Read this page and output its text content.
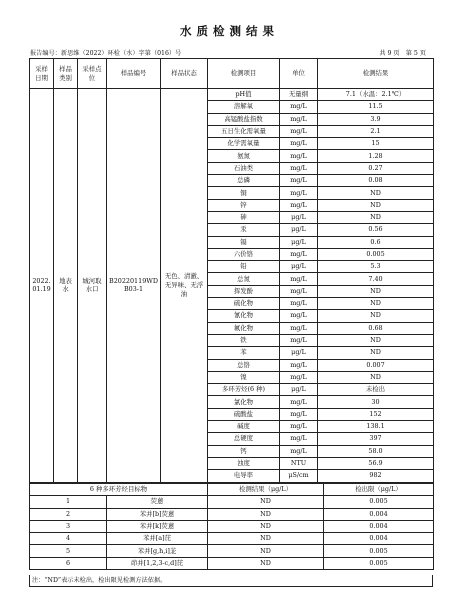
水质检测结果
报告编号：新思维（2022）环检（水）字第（016）号	共 9 页　第 5 页
采样日期	样品类别	采样点位	样品编号	样品状态	检测项目	单位	检测结果
2022.01.19	地表水	城河取水口	B20220119WDB03-1	无色、清澈、无异味、无浮油	pH值	无量纲	7.1（水温：2.1℃）
					溶解氧	mg/L	11.5
					高锰酸盐指数	mg/L	3.9
					五日生化需氧量	mg/L	2.1
					化学需氧量	mg/L	15
					氨氮	mg/L	1.28
					石油类	mg/L	0.27
					总磷	mg/L	0.08
					铜	mg/L	ND
					锌	mg/L	ND
					砷	μg/L	ND
					汞	μg/L	0.56
					镉	μg/L	0.6
					六价铬	mg/L	0.005
					铅	μg/L	5.3
					总氮	mg/L	7.40
					挥发酚	mg/L	ND
					硫化物	mg/L	ND
					氰化物	mg/L	ND
					氟化物	mg/L	0.68
					铁	mg/L	ND
					苯	μg/L	ND
					总铬	mg/L	0.007
					镍	mg/L	ND
					多环芳烃(6 种)	μg/L	未检出
					氯化物	mg/L	30
					硫酸盐	mg/L	152
					碱度	mg/L	138.1
					总硬度	mg/L	397
					钙	mg/L	58.0
					浊度	NTU	56.9
					电导率	μS/cm	982
6 种多环芳烃目标物		检测结果（μg/L）	检出限（μg/L）
1	荧蒽	ND	0.005
2	苯并[b]荧蒽	ND	0.004
3	苯并[k]荧蒽	ND	0.004
4	苯并[a]芘	ND	0.004
5	苯并[g,h,i]苝	ND	0.005
6	茚并[1,2,3-c,d]芘	ND	0.005
注：“ND”表示未检出，检出限见检测方法依据。
